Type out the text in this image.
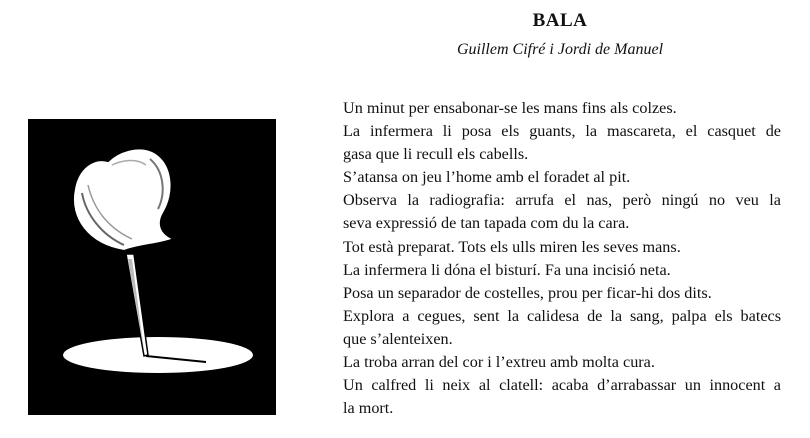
BALA
Guillem Cifré i Jordi de Manuel
Un minut per ensabonar-se les mans fins als colzes.
La infermera li posa els guants, la mascareta, el casquet de
gasa que li recull els cabells.
S’atansa on jeu l’home amb el foradet al pit.
Observa la radiografia: arrufa el nas, però ningú no veu la
seva expressió de tan tapada com du la cara.
Tot està preparat. Tots els ulls miren les seves mans.
La infermera li dóna el bisturí. Fa una incisió neta.
Posa un separador de costelles, prou per ficar-hi dos dits.
Explora a cegues, sent la calidesa de la sang, palpa els batecs
que s’alenteixen.
La troba arran del cor i l’extreu amb molta cura.
Un calfred li neix al clatell: acaba d’arrabassar un innocent a
la mort.
